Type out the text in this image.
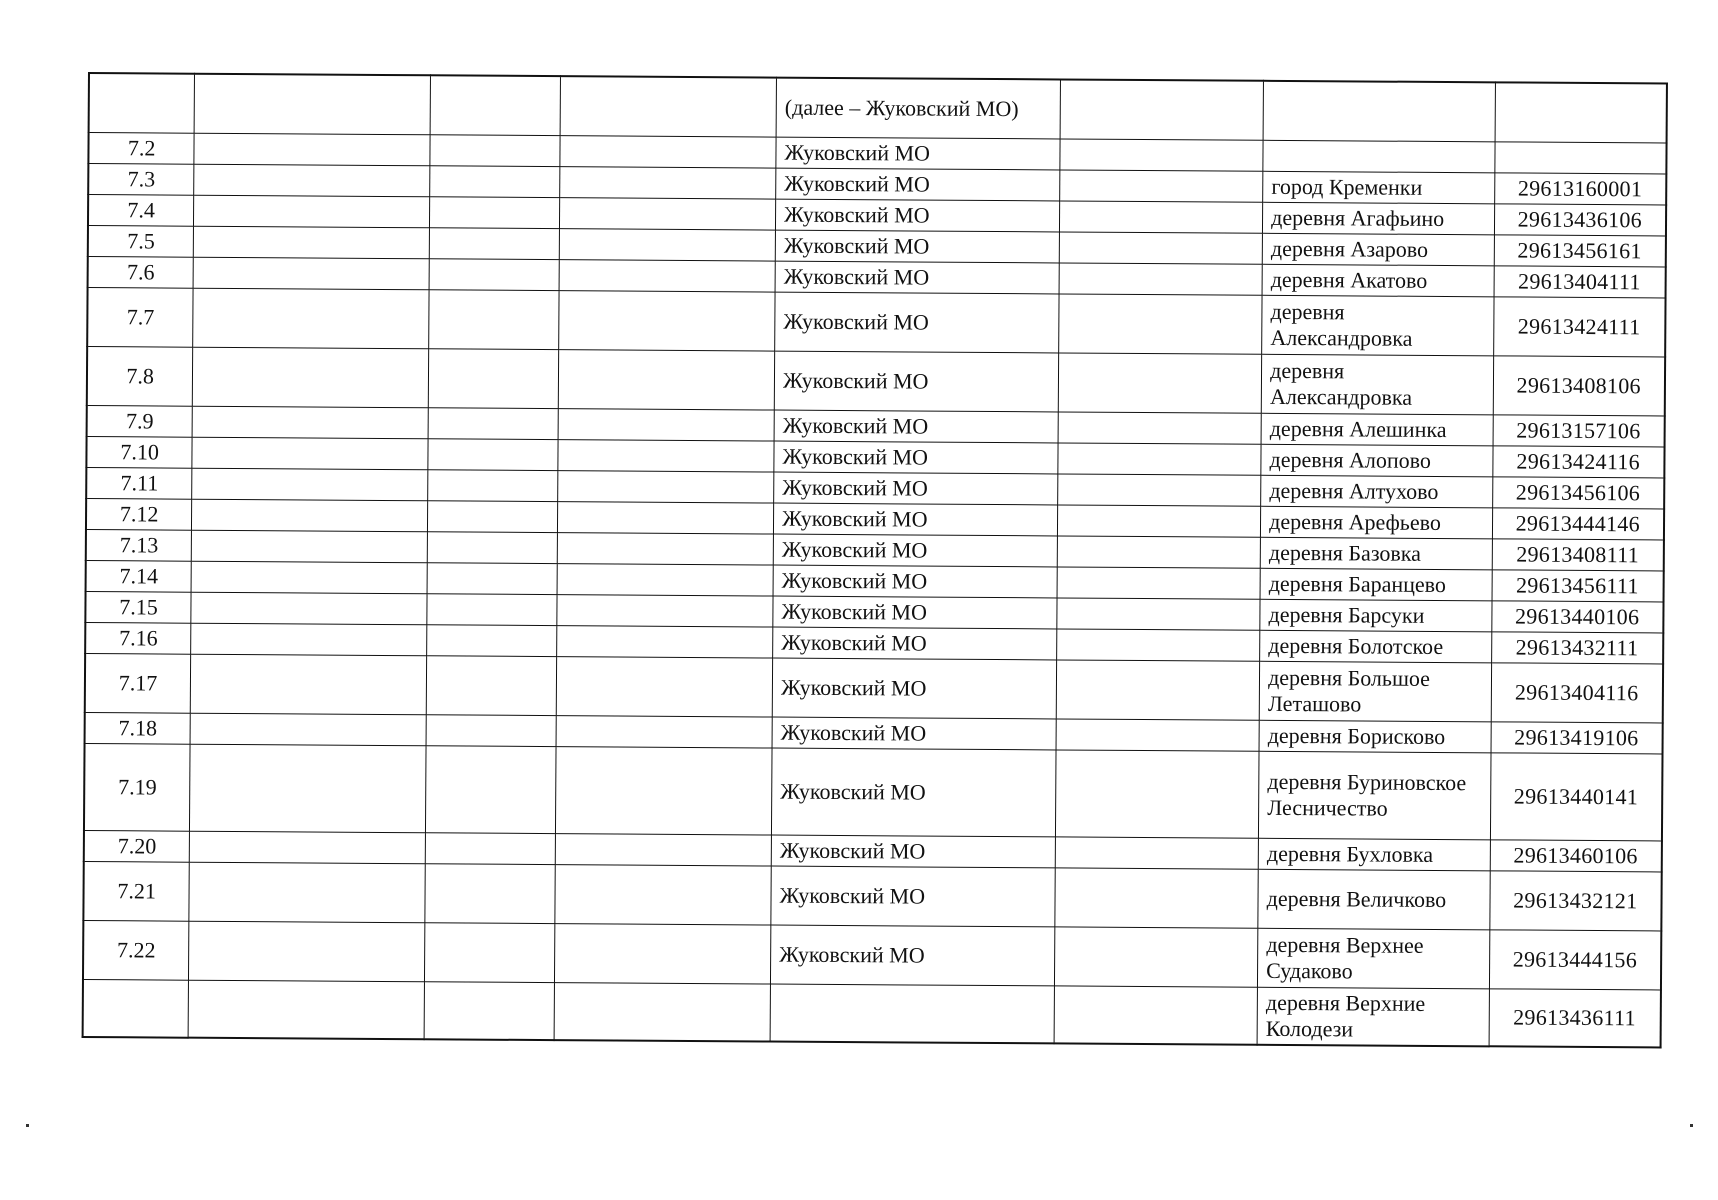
				(далее – Жуковский МО)			
7.2				Жуковский МО			
7.3				Жуковский МО		город Кременки	29613160001
7.4				Жуковский МО		деревня Агафьино	29613436106
7.5				Жуковский МО		деревня Азарово	29613456161
7.6				Жуковский МО		деревня Акатово	29613404111
7.7				Жуковский МО		деревня Александровка	29613424111
7.8				Жуковский МО		деревня Александровка	29613408106
7.9				Жуковский МО		деревня Алешинка	29613157106
7.10				Жуковский МО		деревня Алопово	29613424116
7.11				Жуковский МО		деревня Алтухово	29613456106
7.12				Жуковский МО		деревня Арефьево	29613444146
7.13				Жуковский МО		деревня Базовка	29613408111
7.14				Жуковский МО		деревня Баранцево	29613456111
7.15				Жуковский МО		деревня Барсуки	29613440106
7.16				Жуковский МО		деревня Болотское	29613432111
7.17				Жуковский МО		деревня Большое Леташово	29613404116
7.18				Жуковский МО		деревня Борисково	29613419106
7.19				Жуковский МО		деревня Буриновское Лесничество	29613440141
7.20				Жуковский МО		деревня Бухловка	29613460106
7.21				Жуковский МО		деревня Величково	29613432121
7.22				Жуковский МО		деревня Верхнее Судаково	29613444156
						деревня Верхние Колодези	29613436111
